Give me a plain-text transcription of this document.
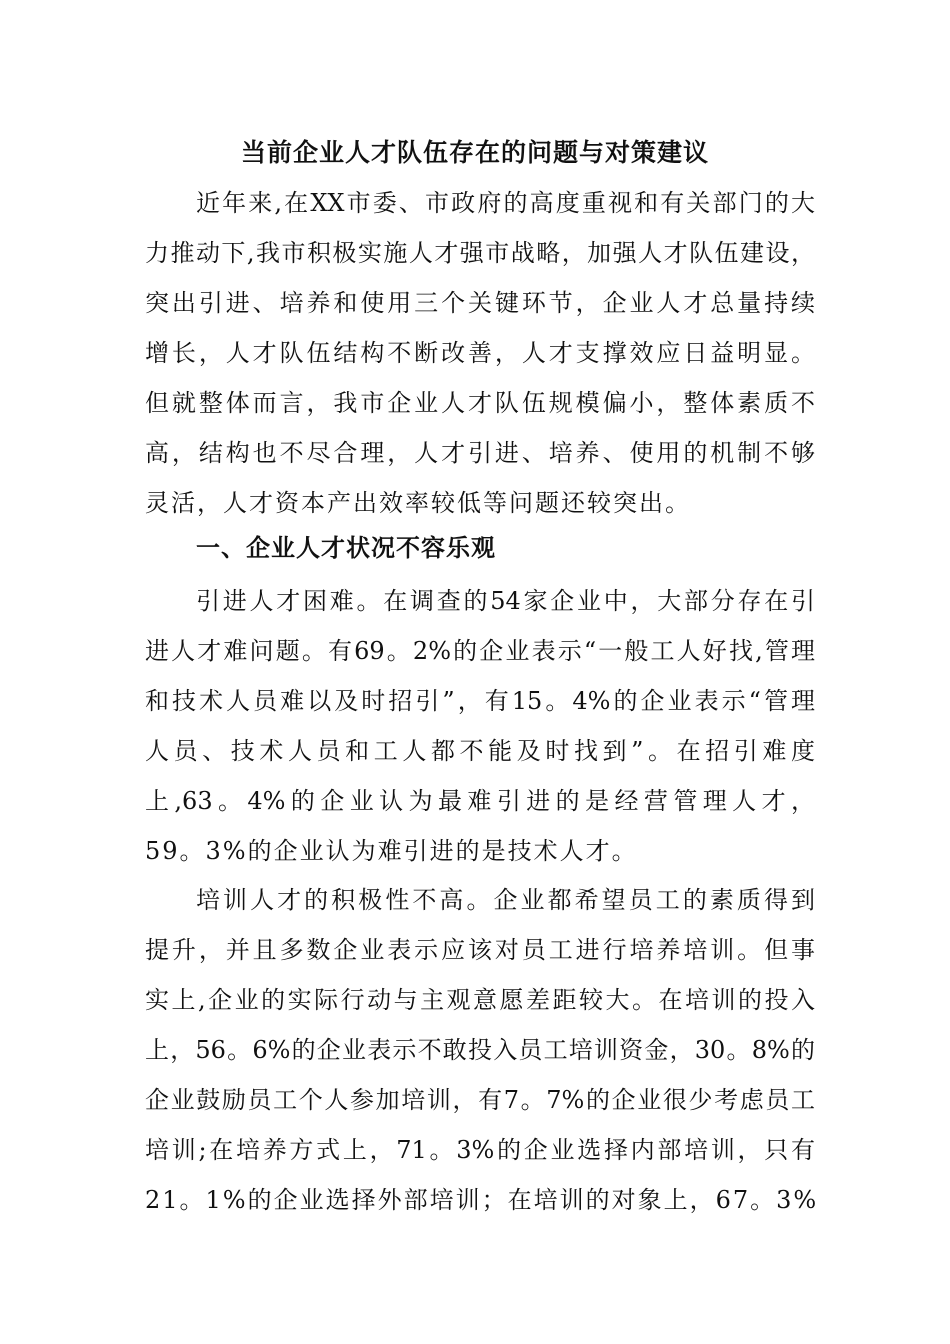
当前企业人才队伍存在的问题与对策建议
近年来,在XX市委、市政府的高度重视和有关部门的大
力推动下,我市积极实施人才强市战略，加强人才队伍建设，
突出引进、培养和使用三个关键环节，企业人才总量持续
增长，人才队伍结构不断改善，人才支撑效应日益明显。
但就整体而言，我市企业人才队伍规模偏小，整体素质不
高，结构也不尽合理，人才引进、培养、使用的机制不够
灵活，人才资本产出效率较低等问题还较突出。
一、企业人才状况不容乐观
引进人才困难。在调查的54家企业中，大部分存在引
进人才难问题。有69。2%的企业表示“一般工人好找,管理
和技术人员难以及时招引”，有15。4%的企业表示“管理
人员、技术人员和工人都不能及时找到”。在招引难度
上,63。4%的企业认为最难引进的是经营管理人才，
59。3%的企业认为难引进的是技术人才。
培训人才的积极性不高。企业都希望员工的素质得到
提升，并且多数企业表示应该对员工进行培养培训。但事
实上,企业的实际行动与主观意愿差距较大。在培训的投入
上，56。6%的企业表示不敢投入员工培训资金，30。8%的
企业鼓励员工个人参加培训，有7。7%的企业很少考虑员工
培训;在培养方式上，71。3%的企业选择内部培训，只有
21。1%的企业选择外部培训；在培训的对象上，67。3%
